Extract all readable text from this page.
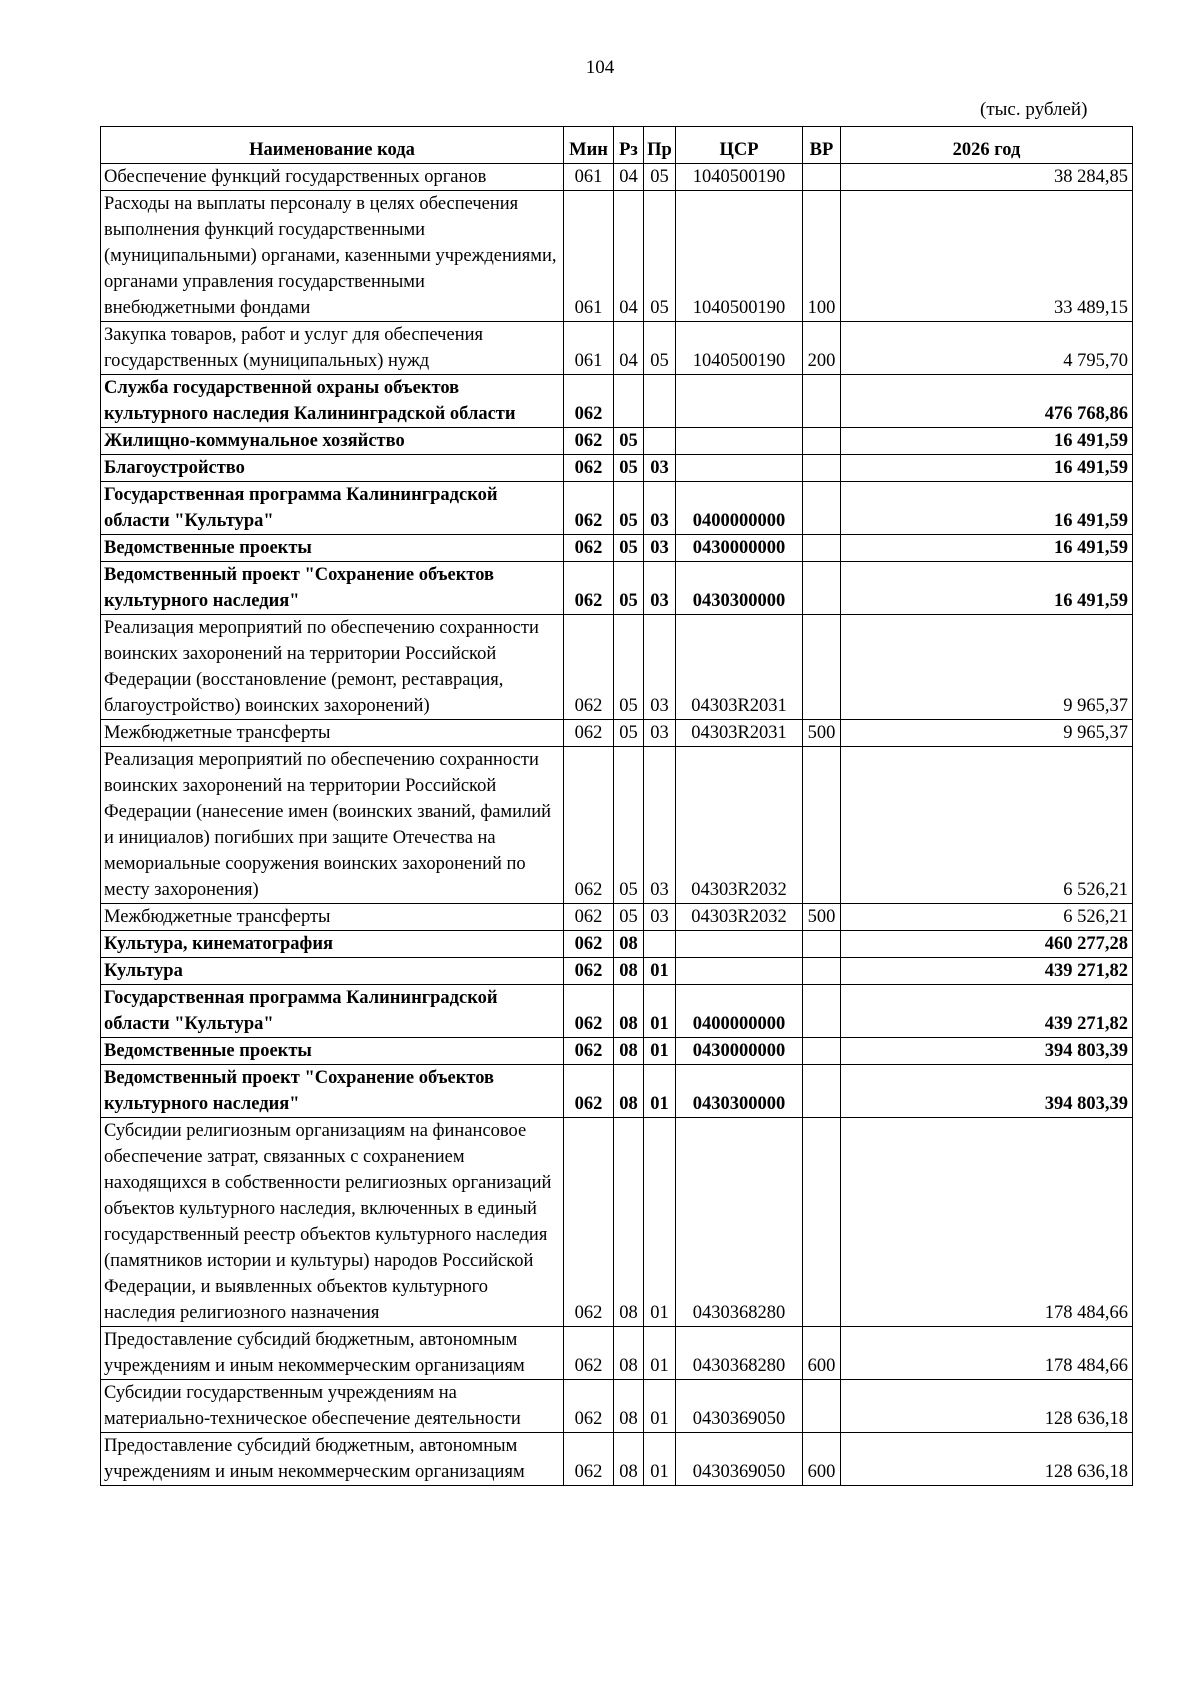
104
(тыс. рублей)
Наименование кода	Мин	Рз	Пр	ЦСР	ВР	2026 год
Обеспечение функций государственных органов	061	04	05	1040500190		38 284,85
Расходы на выплаты персоналу в целях обеспечения выполнения функций государственными (муниципальными) органами, казенными учреждениями, органами управления государственными внебюджетными фондами	061	04	05	1040500190	100	33 489,15
Закупка товаров, работ и услуг для обеспечения государственных (муниципальных) нужд	061	04	05	1040500190	200	4 795,70
Служба государственной охраны объектов культурного наследия Калининградской области	062					476 768,86
Жилищно-коммунальное хозяйство	062	05				16 491,59
Благоустройство	062	05	03			16 491,59
Государственная программа Калининградской области "Культура"	062	05	03	0400000000		16 491,59
Ведомственные проекты	062	05	03	0430000000		16 491,59
Ведомственный проект "Сохранение объектов культурного наследия"	062	05	03	0430300000		16 491,59
Реализация мероприятий по обеспечению сохранности воинских захоронений на территории Российской Федерации (восстановление (ремонт, реставрация, благоустройство) воинских захоронений)	062	05	03	04303R2031		9 965,37
Межбюджетные трансферты	062	05	03	04303R2031	500	9 965,37
Реализация мероприятий по обеспечению сохранности воинских захоронений на территории Российской Федерации (нанесение имен (воинских званий, фамилий и инициалов) погибших при защите Отечества на мемориальные сооружения воинских захоронений по месту захоронения)	062	05	03	04303R2032		6 526,21
Межбюджетные трансферты	062	05	03	04303R2032	500	6 526,21
Культура, кинематография	062	08				460 277,28
Культура	062	08	01			439 271,82
Государственная программа Калининградской области "Культура"	062	08	01	0400000000		439 271,82
Ведомственные проекты	062	08	01	0430000000		394 803,39
Ведомственный проект "Сохранение объектов культурного наследия"	062	08	01	0430300000		394 803,39
Субсидии религиозным организациям на финансовое обеспечение затрат, связанных с сохранением находящихся в собственности религиозных организаций объектов культурного наследия, включенных в единый государственный реестр объектов культурного наследия (памятников истории и культуры) народов Российской Федерации, и выявленных объектов культурного наследия религиозного назначения	062	08	01	0430368280		178 484,66
Предоставление субсидий бюджетным, автономным учреждениям и иным некоммерческим организациям	062	08	01	0430368280	600	178 484,66
Субсидии государственным учреждениям на материально-техническое обеспечение деятельности	062	08	01	0430369050		128 636,18
Предоставление субсидий бюджетным, автономным учреждениям и иным некоммерческим организациям	062	08	01	0430369050	600	128 636,18
